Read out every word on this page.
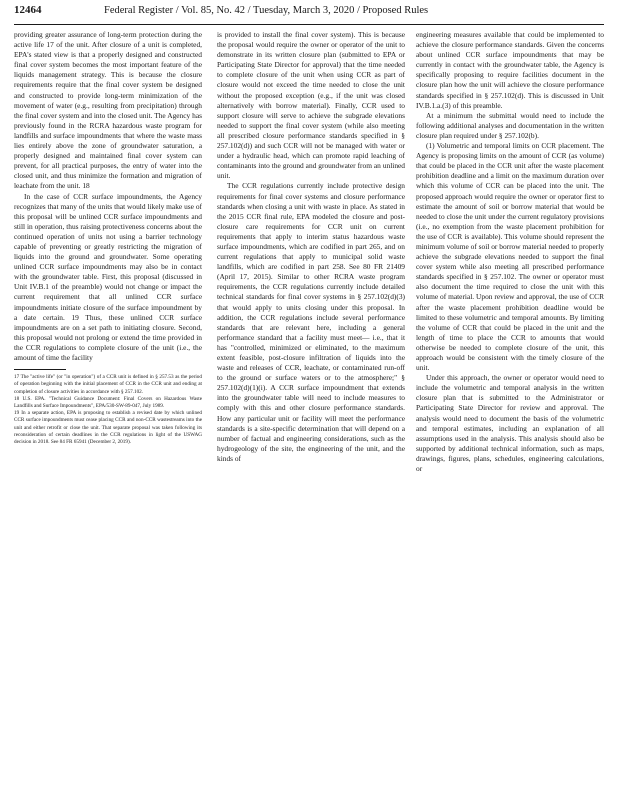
12464	Federal Register / Vol. 85, No. 42 / Tuesday, March 3, 2020 / Proposed Rules

providing greater assurance of long-term protection during the active life 17 of the unit. After closure of a unit is completed, EPA's stated view is that a properly designed and constructed final cover system becomes the most important feature of the liquids management strategy. This is because the closure requirements require that the final cover system be designed and constructed to provide long-term minimization of the movement of water (e.g., resulting from precipitation) through the final cover system and into the closed unit. The Agency has previously found in the RCRA hazardous waste program for landfills and surface impoundments that where the waste mass lies entirely above the zone of groundwater saturation, a properly designed and maintained final cover system can prevent, for all practical purposes, the entry of water into the closed unit, and thus minimize the formation and migration of leachate from the unit. 18

In the case of CCR surface impoundments, the Agency recognizes that many of the units that would likely make use of this proposal will be unlined CCR surface impoundments and still in operation, thus raising protectiveness concerns about the continued operation of units not using a barrier technology capable of preventing or greatly restricting the migration of liquids into the ground and groundwater. Some operating unlined CCR surface impoundments may also be in contact with the groundwater table. First, this proposal (discussed in Unit IV.B.1 of the preamble) would not change or impact the current requirement that all unlined CCR surface impoundments initiate closure of the surface impoundment by a date certain. 19 Thus, these unlined CCR surface impoundments are on a set path to initiating closure. Second, this proposal would not prolong or extend the time provided in the CCR regulations to complete closure of the unit (i.e., the amount of time the facility

17 The "active life" (or "in operation") of a CCR unit is defined in § 257.53 as the period of operation beginning with the initial placement of CCR in the CCR unit and ending at completion of closure activities in accordance with § 257.102.

18 U.S. EPA. "Technical Guidance Document: Final Covers on Hazardous Waste Landfills and Surface Impoundments", EPA/530-SW-89-047, July 1989.

19 In a separate action, EPA is proposing to establish a revised date by which unlined CCR surface impoundments must cease placing CCR and non-CCR wastestreams into the unit and either retrofit or close the unit. That separate proposal was taken following its reconsideration of certain deadlines in the CCR regulations in light of the USWAG decision in 2018. See 84 FR 65941 (December 2, 2019).

is provided to install the final cover system). This is because the proposal would require the owner or operator of the unit to demonstrate in its written closure plan (submitted to EPA or Participating State Director for approval) that the time needed to complete closure of the unit when using CCR as part of closure would not exceed the time needed to close the unit without the proposed exception (e.g., if the unit was closed alternatively with borrow material). Finally, CCR used to support closure will serve to achieve the subgrade elevations needed to support the final cover system (while also meeting all prescribed closure performance standards specified in § 257.102(d)) and such CCR will not be managed with water or under a hydraulic head, which can promote rapid leaching of contaminants into the ground and groundwater from an unlined unit.

The CCR regulations currently include protective design requirements for final cover systems and closure performance standards when closing a unit with waste in place. As stated in the 2015 CCR final rule, EPA modeled the closure and post-closure care requirements for CCR unit on current requirements that apply to interim status hazardous waste surface impoundments, which are codified in part 265, and on current regulations that apply to municipal solid waste landfills, which are codified in part 258. See 80 FR 21409 (April 17, 2015). Similar to other RCRA waste program requirements, the CCR regulations currently include detailed technical standards for final cover systems in § 257.102(d)(3) that would apply to units closing under this proposal. In addition, the CCR regulations include several performance standards that are relevant here, including a general performance standard that a facility must meet— i.e., that it has "controlled, minimized or eliminated, to the maximum extent feasible, post-closure infiltration of liquids into the waste and releases of CCR, leachate, or contaminated run-off to the ground or surface waters or to the atmosphere;" § 257.102(d)(1)(i). A CCR surface impoundment that extends into the groundwater table will need to include measures to comply with this and other closure performance standards. How any particular unit or facility will meet the performance standards is a site-specific determination that will depend on a number of factual and engineering considerations, such as the hydrogeology of the site, the engineering of the unit, and the kinds of

engineering measures available that could be implemented to achieve the closure performance standards. Given the concerns about unlined CCR surface impoundments that may be currently in contact with the groundwater table, the Agency is specifically proposing to require facilities document in the closure plan how the unit will achieve the closure performance standards specified in § 257.102(d). This is discussed in Unit IV.B.1.a.(3) of this preamble.

At a minimum the submittal would need to include the following additional analyses and documentation in the written closure plan required under § 257.102(b).

(1) Volumetric and temporal limits on CCR placement. The Agency is proposing limits on the amount of CCR (as volume) that could be placed in the CCR unit after the waste placement prohibition deadline and a limit on the maximum duration over which this volume of CCR can be placed into the unit. The proposed approach would require the owner or operator first to estimate the amount of soil or borrow material that would be needed to close the unit under the current regulatory provisions (i.e., no exemption from the waste placement prohibition for the use of CCR is available). This volume should represent the minimum volume of soil or borrow material needed to properly achieve the subgrade elevations needed to support the final cover system while also meeting all prescribed performance standards specified in § 257.102. The owner or operator must also document the time required to close the unit with this volume of material. Upon review and approval, the use of CCR after the waste placement prohibition deadline would be limited to these volumetric and temporal amounts. By limiting the volume of CCR that could be placed in the unit and the length of time to place the CCR to amounts that would otherwise be needed to complete closure of the unit, this approach would be consistent with the timely closure of the unit.

Under this approach, the owner or operator would need to include the volumetric and temporal analysis in the written closure plan that is submitted to the Administrator or Participating State Director for review and approval. The analysis would need to document the basis of the volumetric and temporal estimates, including an explanation of all assumptions used in the analysis. This analysis should also be supported by additional technical information, such as maps, drawings, figures, plans, schedules, engineering calculations, or
